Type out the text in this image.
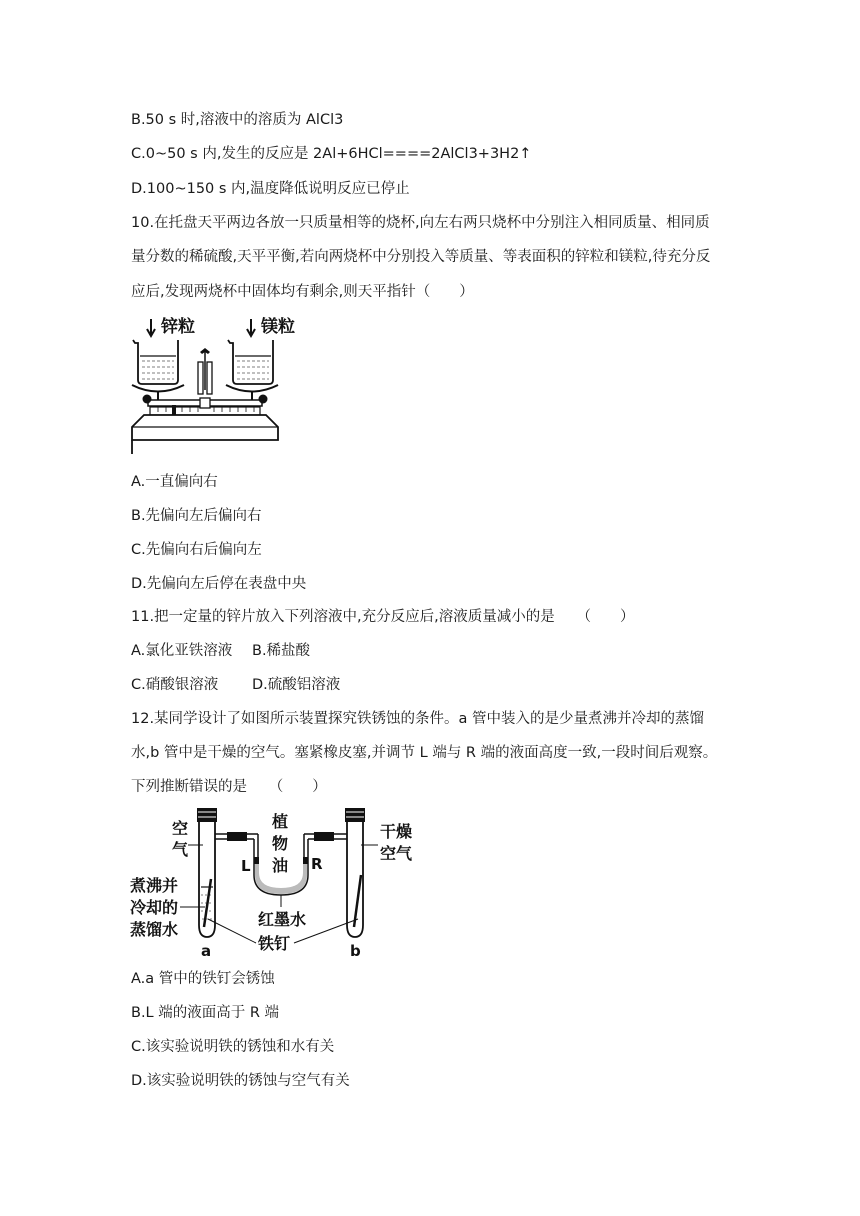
B.50 s 时,溶液中的溶质为 AlCl3
C.0~50 s 内,发生的反应是 2Al+6HCl====2AlCl3+3H2↑
D.100~150 s 内,温度降低说明反应已停止
10.在托盘天平两边各放一只质量相等的烧杯,向左右两只烧杯中分别注入相同质量、相同质
量分数的稀硫酸,天平平衡,若向两烧杯中分别投入等质量、等表面积的锌粒和镁粒,待充分反
应后,发现两烧杯中固体均有剩余,则天平指针（　　）
锌粒	镁粒
A.一直偏向右
B.先偏向左后偏向右
C.先偏向右后偏向左
D.先偏向左后停在表盘中央
11.把一定量的锌片放入下列溶液中,充分反应后,溶液质量减小的是　　（　　）
A.氯化亚铁溶液 B.稀盐酸
C.硝酸银溶液 D.硫酸铝溶液
12.某同学设计了如图所示装置探究铁锈蚀的条件。a 管中装入的是少量煮沸并冷却的蒸馏
水,b 管中是干燥的空气。塞紧橡皮塞,并调节 L 端与 R 端的液面高度一致,一段时间后观察。
下列推断错误的是　　（　　）
空
气
煮沸并
冷却的
蒸馏水
a
植
物
油
L	R
红墨水
铁钉
干燥
空气
b
A.a 管中的铁钉会锈蚀
B.L 端的液面高于 R 端
C.该实验说明铁的锈蚀和水有关
D.该实验说明铁的锈蚀与空气有关
